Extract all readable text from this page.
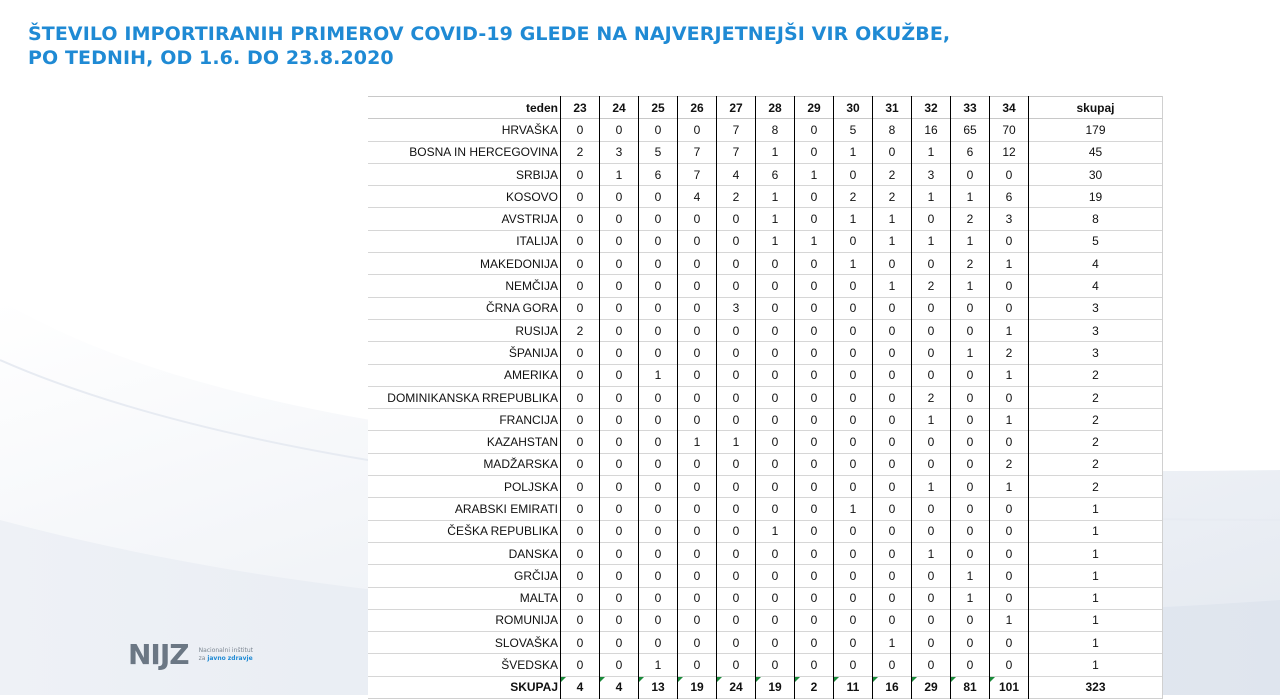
ŠTEVILO IMPORTIRANIH PRIMEROV COVID-19 GLEDE NA NAJVERJETNEJŠI VIR OKUŽBE,
PO TEDNIH, OD 1.6. DO 23.8.2020
teden	23	24	25	26	27	28	29	30	31	32	33	34	skupaj
HRVAŠKA	0	0	0	0	7	8	0	5	8	16	65	70	179
BOSNA IN HERCEGOVINA	2	3	5	7	7	1	0	1	0	1	6	12	45
SRBIJA	0	1	6	7	4	6	1	0	2	3	0	0	30
KOSOVO	0	0	0	4	2	1	0	2	2	1	1	6	19
AVSTRIJA	0	0	0	0	0	1	0	1	1	0	2	3	8
ITALIJA	0	0	0	0	0	1	1	0	1	1	1	0	5
MAKEDONIJA	0	0	0	0	0	0	0	1	0	0	2	1	4
NEMČIJA	0	0	0	0	0	0	0	0	1	2	1	0	4
ČRNA GORA	0	0	0	0	3	0	0	0	0	0	0	0	3
RUSIJA	2	0	0	0	0	0	0	0	0	0	0	1	3
ŠPANIJA	0	0	0	0	0	0	0	0	0	0	1	2	3
AMERIKA	0	0	1	0	0	0	0	0	0	0	0	1	2
DOMINIKANSKA RREPUBLIKA	0	0	0	0	0	0	0	0	0	2	0	0	2
FRANCIJA	0	0	0	0	0	0	0	0	0	1	0	1	2
KAZAHSTAN	0	0	0	1	1	0	0	0	0	0	0	0	2
MADŽARSKA	0	0	0	0	0	0	0	0	0	0	0	2	2
POLJSKA	0	0	0	0	0	0	0	0	0	1	0	1	2
ARABSKI EMIRATI	0	0	0	0	0	0	0	1	0	0	0	0	1
ČEŠKA REPUBLIKA	0	0	0	0	0	1	0	0	0	0	0	0	1
DANSKA	0	0	0	0	0	0	0	0	0	1	0	0	1
GRČIJA	0	0	0	0	0	0	0	0	0	0	1	0	1
MALTA	0	0	0	0	0	0	0	0	0	0	1	0	1
ROMUNIJA	0	0	0	0	0	0	0	0	0	0	0	1	1
SLOVAŠKA	0	0	0	0	0	0	0	0	1	0	0	0	1
ŠVEDSKA	0	0	1	0	0	0	0	0	0	0	0	0	1
SKUPAJ	4	4	13	19	24	19	2	11	16	29	81	101	323
NIJZ Nacionalni inštitut
za javno zdravje
